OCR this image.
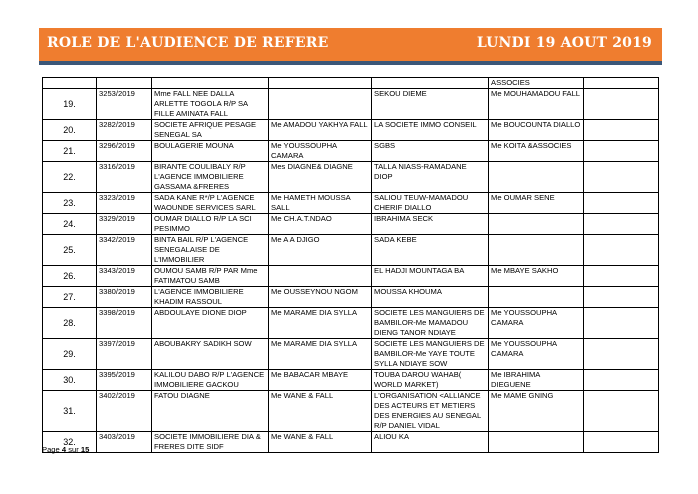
ROLE DE L'AUDIENCE DE REFERE	LUNDI 19 AOUT 2019
					ASSOCIES	
19.	3253/2019	Mme FALL NEE DALLA ARLETTE TOGOLA R/P SA FILLE AMINATA FALL		SEKOU DIEME	Me MOUHAMADOU FALL	
20.	3282/2019	SOCIETE AFRIQUE PESAGE SENEGAL SA	Me AMADOU YAKHYA FALL	LA SOCIETE IMMO CONSEIL	Me BOUCOUNTA DIALLO	
21.	3296/2019	BOULAGERIE MOUNA	Me YOUSSOUPHA CAMARA	SGBS	Me KOITA &ASSOCIES	
22.	3316/2019	BIRANTE COULIBALY R/P L'AGENCE IMMOBILIERE GASSAMA &FRERES	Mes DIAGNE& DIAGNE	TALLA NIASS-RAMADANE DIOP		
23.	3323/2019	SADA KANE R*/P L'AGENCE WAOUNDE SERVICES SARL	Me HAMETH MOUSSA SALL	SALIOU TEUW-MAMADOU CHERIF DIALLO	Me OUMAR SENE	
24.	3329/2019	OUMAR DIALLO R/P LA SCI PESIMMO	Me CH.A.T.NDAO	IBRAHIMA SECK		
25.	3342/2019	BINTA BAIL R/P L'AGENCE SENEGALAISE DE L'IMMOBILIER	Me A A DJIGO	SADA KEBE		
26.	3343/2019	OUMOU SAMB R/P PAR Mme FATIMATOU SAMB		EL HADJI MOUNTAGA BA	Me MBAYE SAKHO	
27.	3380/2019	L'AGENCE IMMOBILIERE KHADIM RASSOUL	Me OUSSEYNOU NGOM	MOUSSA KHOUMA		
28.	3398/2019	ABDOULAYE DIONE DIOP	Me MARAME DIA SYLLA	SOCIETE LES MANGUIERS DE BAMBILOR-Me MAMADOU DIENG TANOR NDIAYE	Me YOUSSOUPHA CAMARA	
29.	3397/2019	ABOUBAKRY SADIKH SOW	Me MARAME DIA SYLLA	SOCIETE LES MANGUIERS DE BAMBILOR-Me YAYE TOUTE SYLLA NDIAYE SOW	Me YOUSSOUPHA CAMARA	
30.	3395/2019	KALILOU DABO R/P L'AGENCE IMMOBILIERE GACKOU	Me BABACAR MBAYE	TOUBA DAROU WAHAB( WORLD MARKET)	Me IBRAHIMA DIEGUENE	
31.	3402/2019	FATOU DIAGNE	Me WANE & FALL	L'ORGANISATION <ALLIANCE DES ACTEURS ET METIERS DES ENERGIES AU SENEGAL R/P DANIEL VIDAL	Me MAME GNING	
32.	3403/2019	SOCIETE IMMOBILIERE DIA & FRERES DITE SIDF	Me WANE & FALL	ALIOU KA		
Page 4 sur 15
